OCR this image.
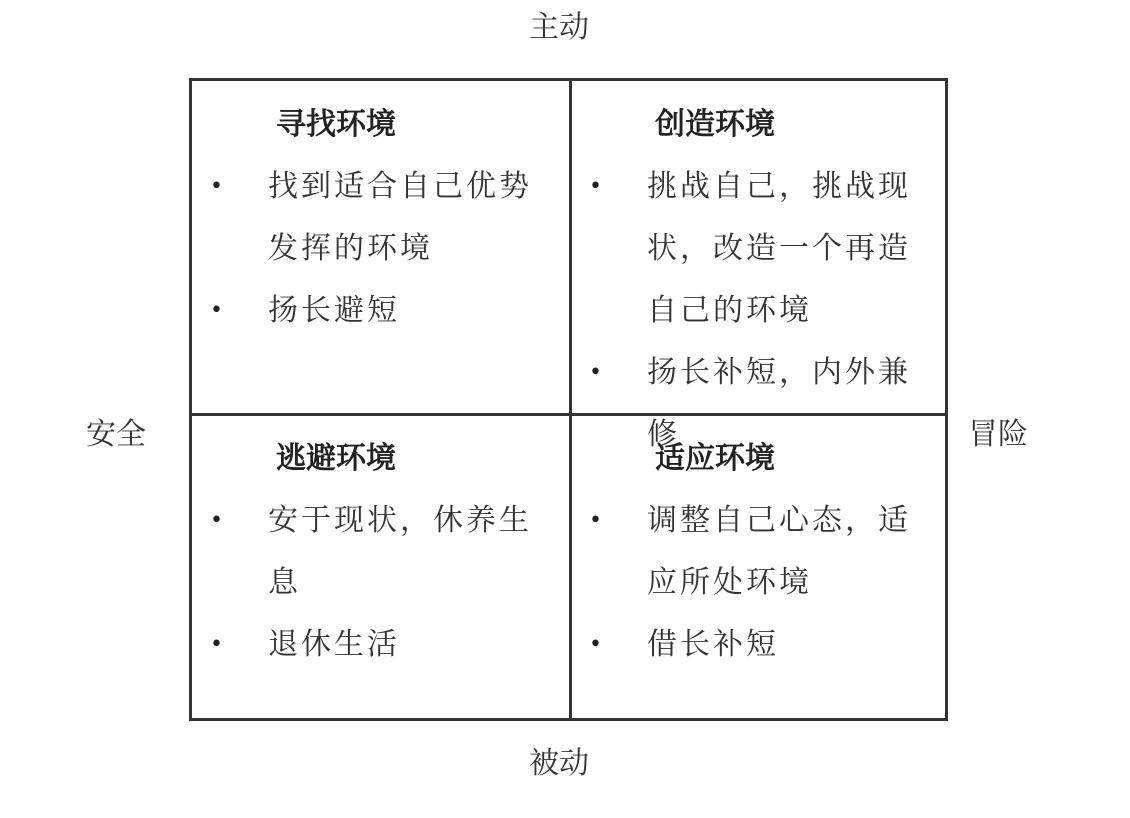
主动
被动
安全	冒险
寻找环境
• 找到适合自己优势发挥的环境
• 扬长避短
创造环境
• 挑战自己，挑战现状，改造一个再造自己的环境
• 扬长补短，内外兼修
逃避环境
• 安于现状，休养生息
• 退休生活
适应环境
• 调整自己心态，适应所处环境
• 借长补短
